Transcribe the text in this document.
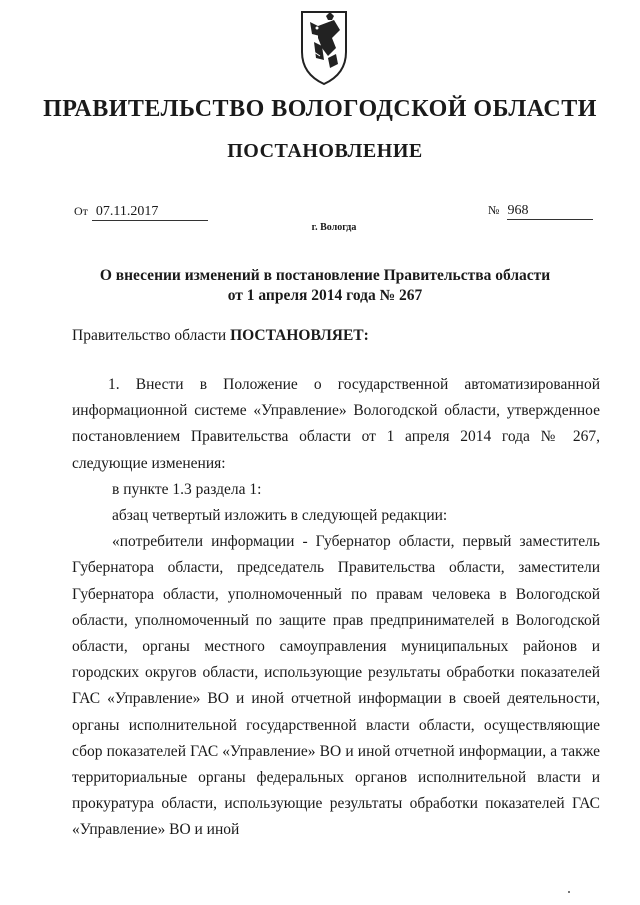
ПРАВИТЕЛЬСТВО ВОЛОГОДСКОЙ ОБЛАСТИ
ПОСТАНОВЛЕНИЕ
От 07.11.2017	№ 968
г. Вологда
О внесении изменений в постановление Правительства области
от 1 апреля 2014 года № 267
Правительство области ПОСТАНОВЛЯЕТ:

1. Внести в Положение о государственной автоматизированной информационной системе «Управление» Вологодской области, утвержденное постановлением Правительства области от 1 апреля 2014 года № 267, следующие изменения:

в пункте 1.3 раздела 1:

абзац четвертый изложить в следующей редакции:

«потребители информации - Губернатор области, первый заместитель Губернатора области, председатель Правительства области, заместители Губернатора области, уполномоченный по правам человека в Вологодской области, уполномоченный по защите прав предпринимателей в Вологодской области, органы местного самоуправления муниципальных районов и городских округов области, использующие результаты обработки показателей ГАС «Управление» ВО и иной отчетной информации в своей деятельности, органы исполнительной государственной власти области, осуществляющие сбор показателей ГАС «Управление» ВО и иной отчетной информации, а также территориальные органы федеральных органов исполнительной власти и прокуратура области, использующие результаты обработки показателей ГАС «Управление» ВО и иной
